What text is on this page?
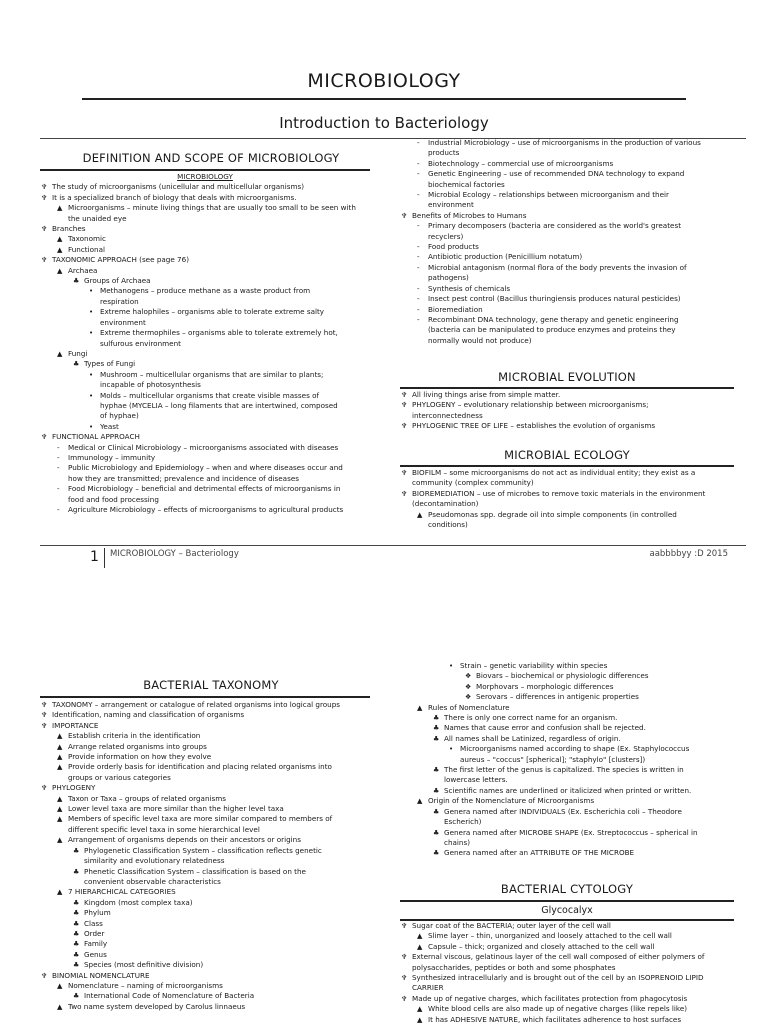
MICROBIOLOGY
Introduction to Bacteriology
DEFINITION AND SCOPE OF MICROBIOLOGY
MICROBIOLOGY
♆ The study of microorganisms (unicellular and multicellular organisms)
♆ It is a specialized branch of biology that deals with microorganisms.
▲ Microorganisms – minute living things that are usually too small to be seen with
the unaided eye
♆ Branches
▲ Taxonomic
▲ Functional
♆ TAXONOMIC APPROACH (see page 76)
▲ Archaea
♣ Groups of Archaea
• Methanogens – produce methane as a waste product from
respiration
• Extreme halophiles – organisms able to tolerate extreme salty
environment
• Extreme thermophiles – organisms able to tolerate extremely hot,
sulfurous environment
▲ Fungi
♣ Types of Fungi
• Mushroom – multicellular organisms that are similar to plants;
incapable of photosynthesis
• Molds – multicellular organisms that create visible masses of
hyphae (MYCELIA – long filaments that are intertwined, composed
of hyphae)
• Yeast
♆ FUNCTIONAL APPROACH
- Medical or Clinical Microbiology – microorganisms associated with diseases
- Immunology – immunity
- Public Microbiology and Epidemiology – when and where diseases occur and
how they are transmitted; prevalence and incidence of diseases
- Food Microbiology – beneficial and detrimental effects of microorganisms in
food and food processing
- Agriculture Microbiology – effects of microorganisms to agricultural products
- Industrial Microbiology – use of microorganisms in the production of various
products
- Biotechnology – commercial use of microorganisms
- Genetic Engineering – use of recommended DNA technology to expand
biochemical factories
- Microbial Ecology – relationships between microorganism and their
environment
♆ Benefits of Microbes to Humans
- Primary decomposers (bacteria are considered as the world's greatest
recyclers)
- Food products
- Antibiotic production (Penicillium notatum)
- Microbial antagonism (normal flora of the body prevents the invasion of
pathogens)
- Synthesis of chemicals
- Insect pest control (Bacillus thuringiensis produces natural pesticides)
- Bioremediation
- Recombinant DNA technology, gene therapy and genetic engineering
(bacteria can be manipulated to produce enzymes and proteins they
normally would not produce)
MICROBIAL EVOLUTION
♆ All living things arise from simple matter.
♆ PHYLOGENY – evolutionary relationship between microorganisms;
interconnectedness
♆ PHYLOGENIC TREE OF LIFE – establishes the evolution of organisms
MICROBIAL ECOLOGY
♆ BIOFILM – some microorganisms do not act as individual entity; they exist as a
community (complex community)
♆ BIOREMEDIATION – use of microbes to remove toxic materials in the environment
(decontamination)
▲ Pseudomonas spp. degrade oil into simple components (in controlled
conditions)
1 MICROBIOLOGY – Bacteriology	aabbbbyy :D 2015
BACTERIAL TAXONOMY
♆ TAXONOMY – arrangement or catalogue of related organisms into logical groups
♆ Identification, naming and classification of organisms
♆ IMPORTANCE
▲ Establish criteria in the identification
▲ Arrange related organisms into groups
▲ Provide information on how they evolve
▲ Provide orderly basis for identification and placing related organisms into
groups or various categories
♆ PHYLOGENY
▲ Taxon or Taxa – groups of related organisms
▲ Lower level taxa are more similar than the higher level taxa
▲ Members of specific level taxa are more similar compared to members of
different specific level taxa in some hierarchical level
▲ Arrangement of organisms depends on their ancestors or origins
♣ Phylogenetic Classification System – classification reflects genetic
similarity and evolutionary relatedness
♣ Phenetic Classification System – classification is based on the
convenient observable characteristics
▲ 7 HIERARCHICAL CATEGORIES
♣ Kingdom (most complex taxa)
♣ Phylum
♣ Class
♣ Order
♣ Family
♣ Genus
♣ Species (most definitive division)
♆ BINOMIAL NOMENCLATURE
▲ Nomenclature – naming of microorganisms
♣ International Code of Nomenclature of Bacteria
▲ Two name system developed by Carolus linnaeus
• Strain – genetic variability within species
❖ Biovars – biochemical or physiologic differences
❖ Morphovars – morphologic differences
❖ Serovars – differences in antigenic properties
▲ Rules of Nomenclature
♣ There is only one correct name for an organism.
♣ Names that cause error and confusion shall be rejected.
♣ All names shall be Latinized, regardless of origin.
• Microorganisms named according to shape (Ex. Staphylococcus
aureus – "coccus" [spherical]; "staphylo" [clusters])
♣ The first letter of the genus is capitalized. The species is written in
lowercase letters.
♣ Scientific names are underlined or italicized when printed or written.
▲ Origin of the Nomenclature of Microorganisms
♣ Genera named after INDIVIDUALS (Ex. Escherichia coli – Theodore
Escherich)
♣ Genera named after MICROBE SHAPE (Ex. Streptococcus – spherical in
chains)
♣ Genera named after an ATTRIBUTE OF THE MICROBE
BACTERIAL CYTOLOGY
Glycocalyx
♆ Sugar coat of the BACTERIA; outer layer of the cell wall
▲ Slime layer – thin, unorganized and loosely attached to the cell wall
▲ Capsule – thick; organized and closely attached to the cell wall
♆ External viscous, gelatinous layer of the cell wall composed of either polymers of
polysaccharides, peptides or both and some phosphates
♆ Synthesized intracellularly and is brought out of the cell by an ISOPRENOID LIPID
CARRIER
♆ Made up of negative charges, which facilitates protection from phagocytosis
▲ White blood cells are also made up of negative charges (like repels like)
▲ It has ADHESIVE NATURE, which facilitates adherence to host surfaces
